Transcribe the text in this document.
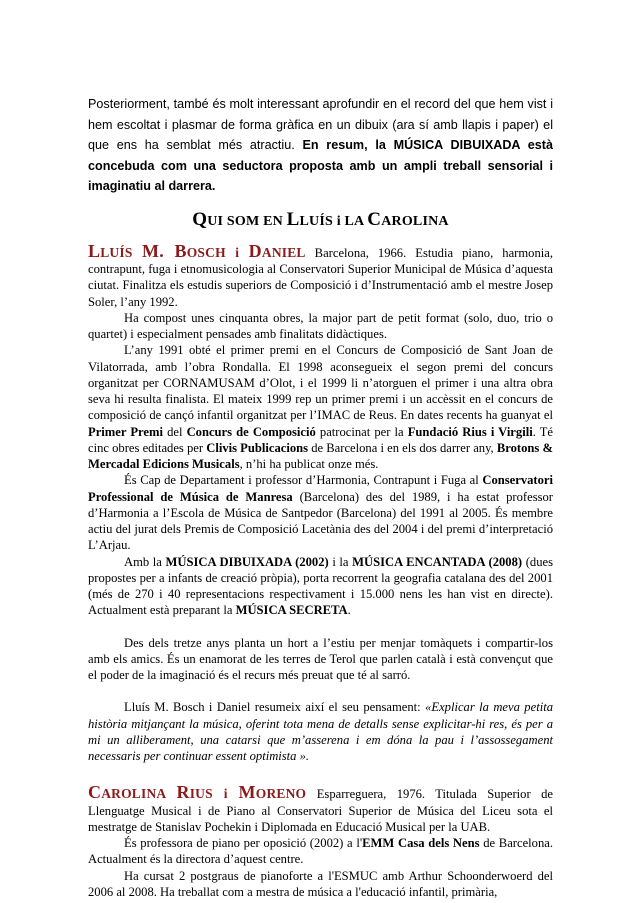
Posteriorment, també és molt interessant aprofundir en el record del que hem vist i hem escoltat i plasmar de forma gràfica en un dibuix (ara sí amb llapis i paper) el que ens ha semblat més atractiu. En resum, la MÚSICA DIBUIXADA està concebuda com una seductora proposta amb un ampli treball sensorial i imaginatiu al darrera.

QUI SOM EN LLUÍS i LA CAROLINA

LLUÍS M. BOSCH i DANIEL Barcelona, 1966. Estudia piano, harmonia, contrapunt, fuga i etnomusicologia al Conservatori Superior Municipal de Música d’aquesta ciutat. Finalitza els estudis superiors de Composició i d’Instrumentació amb el mestre Josep Soler, l’any 1992.

Ha compost unes cinquanta obres, la major part de petit format (solo, duo, trio o quartet) i especialment pensades amb finalitats didàctiques.

L’any 1991 obté el primer premi en el Concurs de Composició de Sant Joan de Vilatorrada, amb l’obra Rondalla. El 1998 aconsegueix el segon premi del concurs organitzat per CORNAMUSAM d’Olot, i el 1999 li n’atorguen el primer i una altra obra seva hi resulta finalista. El mateix 1999 rep un primer premi i un accèssit en el concurs de composició de cançó infantil organitzat per l’IMAC de Reus. En dates recents ha guanyat el Primer Premi del Concurs de Composició patrocinat per la Fundació Rius i Virgili. Té cinc obres editades per Clivis Publicacions de Barcelona i en els dos darrer any, Brotons & Mercadal Edicions Musicals, n’hi ha publicat onze més.

És Cap de Departament i professor d’Harmonia, Contrapunt i Fuga al Conservatori Professional de Música de Manresa (Barcelona) des del 1989, i ha estat professor d’Harmonia a l’Escola de Música de Santpedor (Barcelona) del 1991 al 2005. És membre actiu del jurat dels Premis de Composició Lacetània des del 2004 i del premi d’interpretació L’Arjau.

Amb la MÚSICA DIBUIXADA (2002) i la MÚSICA ENCANTADA (2008) (dues propostes per a infants de creació pròpia), porta recorrent la geografia catalana des del 2001 (més de 270 i 40 representacions respectivament i 15.000 nens les han vist en directe). Actualment està preparant la MÚSICA SECRETA.

Des dels tretze anys planta un hort a l’estiu per menjar tomàquets i compartir-los amb els amics. És un enamorat de les terres de Terol que parlen català i està convençut que el poder de la imaginació és el recurs més preuat que té al sarró.

Lluís M. Bosch i Daniel resumeix així el seu pensament: «Explicar la meva petita història mitjançant la música, oferint tota mena de detalls sense explicitar-hi res, és per a mi un alliberament, una catarsi que m’asserena i em dóna la pau i l’assossegament necessaris per continuar essent optimista ».

CAROLINA RIUS i MORENO Esparreguera, 1976. Titulada Superior de Llenguatge Musical i de Piano al Conservatori Superior de Música del Liceu sota el mestratge de Stanislav Pochekin i Diplomada en Educació Musical per la UAB.

És professora de piano per oposició (2002) a l'EMM Casa dels Nens de Barcelona. Actualment és la directora d’aquest centre.

Ha cursat 2 postgraus de pianoforte a l'ESMUC amb Arthur Schoonderwoerd del 2006 al 2008. Ha treballat com a mestra de música a l'educació infantil, primària,
